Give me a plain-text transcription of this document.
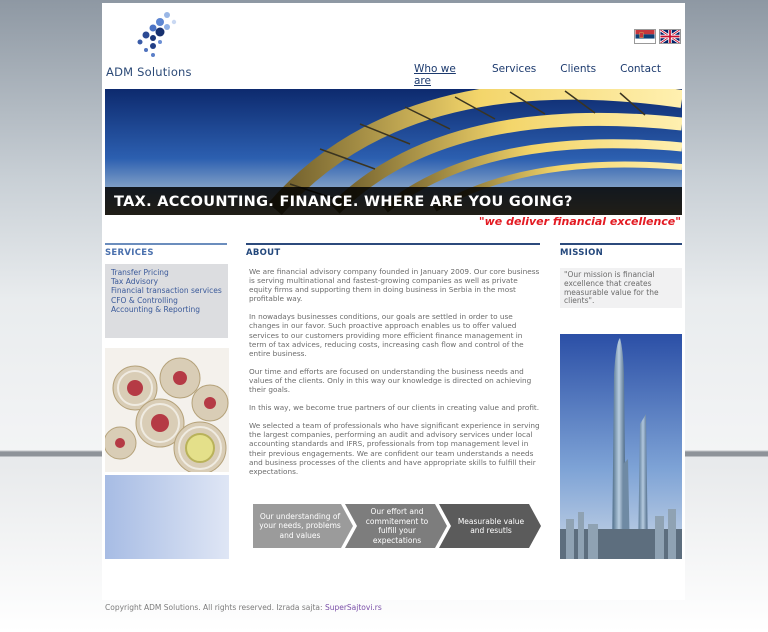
ADM Solutions	Who we are
Services Clients Contact
TAX. ACCOUNTING. FINANCE. WHERE ARE YOU GOING?
"we deliver financial excellence"
SERVICES
Transfer Pricing
Tax Advisory
Financial transaction services
CFO & Controlling
Accounting & Reporting
ABOUT

We are financial advisory company founded in January 2009. Our core business is serving multinational and fastest-growing companies as well as private equity firms and supporting them in doing business in Serbia in the most profitable way.

In nowadays businesses conditions, our goals are settled in order to use changes in our favor. Such proactive approach enables us to offer valued services to our customers providing more efficient finance management in term of tax advices, reducing costs, increasing cash flow and control of the entire business.

Our time and efforts are focused on understanding the business needs and values of the clients. Only in this way our knowledge is directed on achieving their goals.

In this way, we become true partners of our clients in creating value and profit.

We selected a team of professionals who have significant experience in serving the largest companies, performing an audit and advisory services under local accounting standards and IFRS, professionals from top management level in their previous engagements. We are confident our team understands a needs and business processes of the clients and have appropriate skills to fulfill their expectations.

Our understanding of your needs, problems and values
Our effort and commitement to fulfill your expectations
Measurable value and resutls
MISSION
"Our mission is financial excellence that creates measurable value for the clients".
Copyright ADM Solutions. All rights reserved. Izrada sajta: SuperSajtovi.rs
